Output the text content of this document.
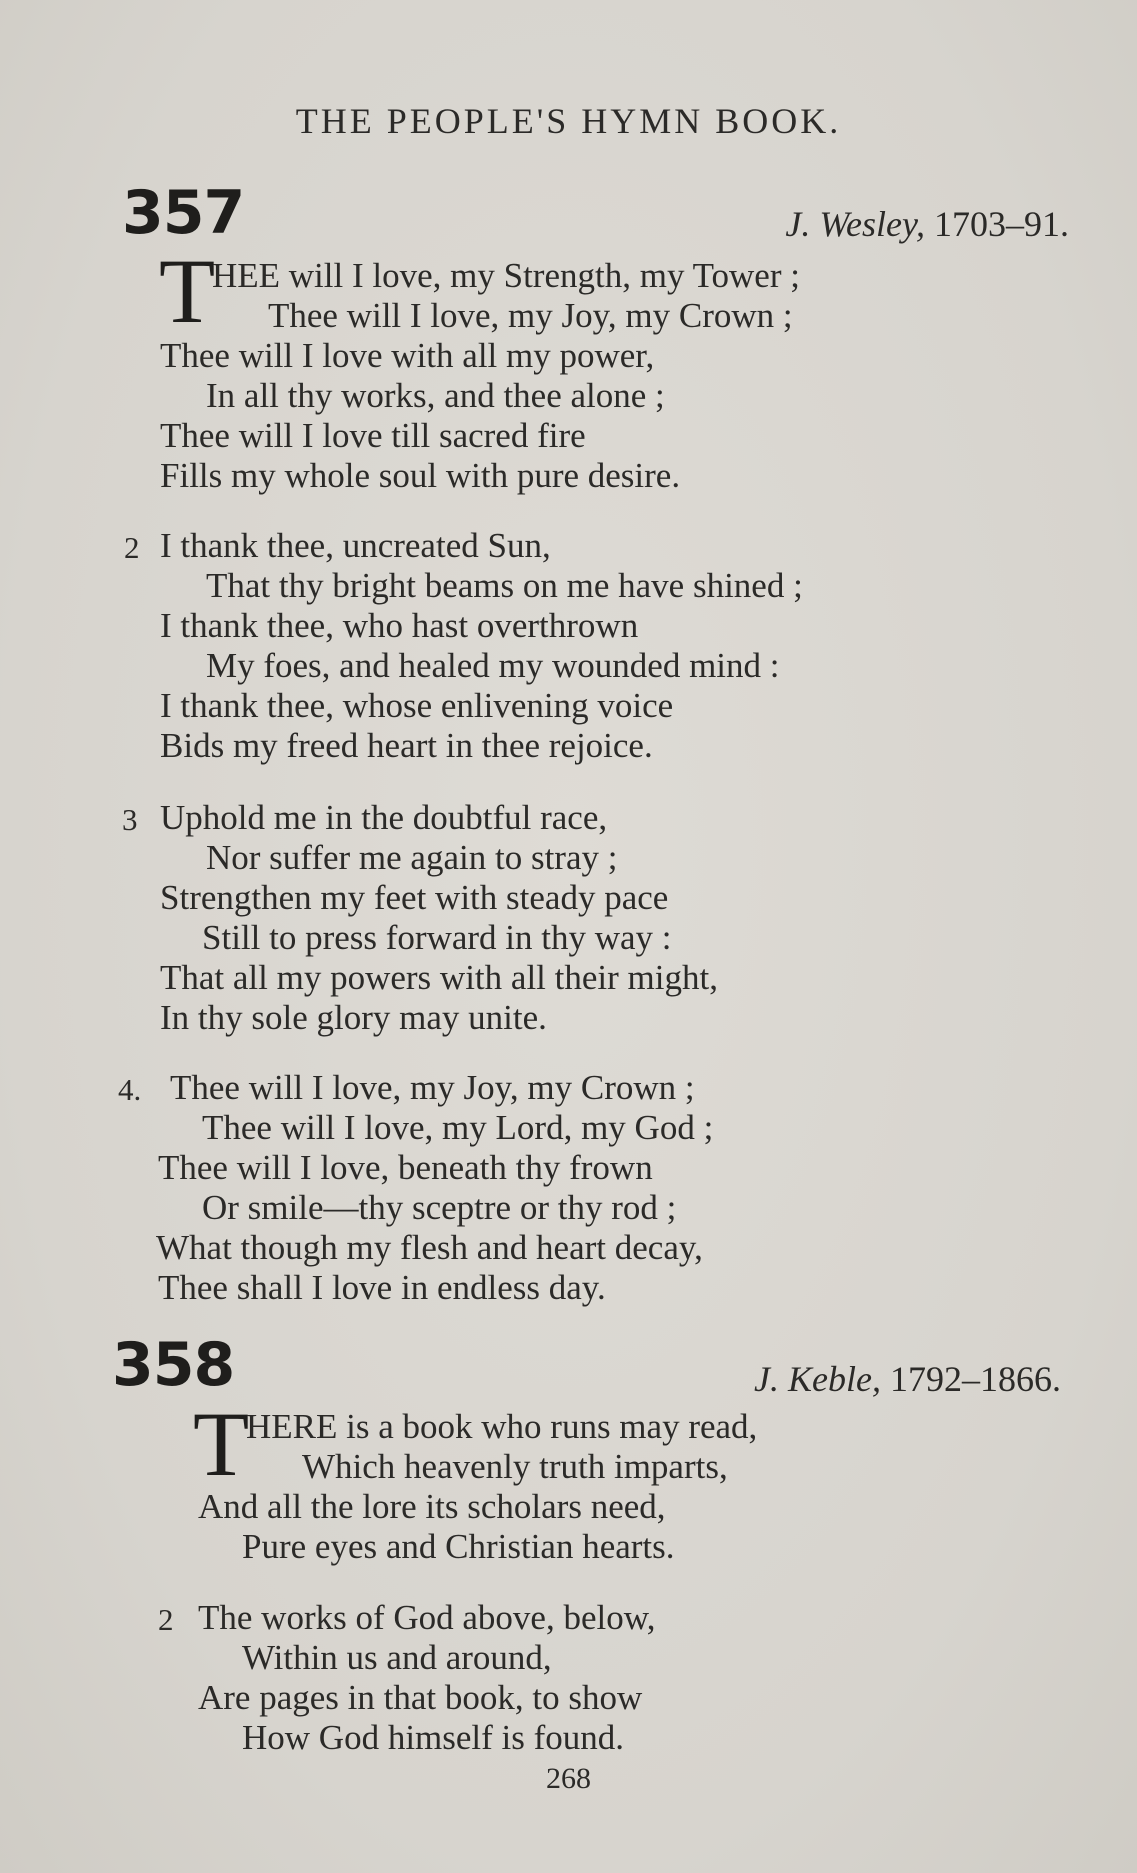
THE PEOPLE'S HYMN BOOK.
357	J. Wesley, 1703–91.
T
HEE will I love, my Strength, my Tower ;
Thee will I love, my Joy, my Crown ;
Thee will I love with all my power,
In all thy works, and thee alone ;
Thee will I love till sacred fire
Fills my whole soul with pure desire.
2 I thank thee, uncreated Sun,
That thy bright beams on me have shined ;
I thank thee, who hast overthrown
My foes, and healed my wounded mind :
I thank thee, whose enlivening voice
Bids my freed heart in thee rejoice.
3 Uphold me in the doubtful race,
Nor suffer me again to stray ;
Strengthen my feet with steady pace
Still to press forward in thy way :
That all my powers with all their might,
In thy sole glory may unite.
4. Thee will I love, my Joy, my Crown ;
Thee will I love, my Lord, my God ;
Thee will I love, beneath thy frown
Or smile—thy sceptre or thy rod ;
What though my flesh and heart decay,
Thee shall I love in endless day.
358	J. Keble, 1792–1866.
T
HERE is a book who runs may read,
Which heavenly truth imparts,
And all the lore its scholars need,
Pure eyes and Christian hearts.
2 The works of God above, below,
Within us and around,
Are pages in that book, to show
How God himself is found.
268
